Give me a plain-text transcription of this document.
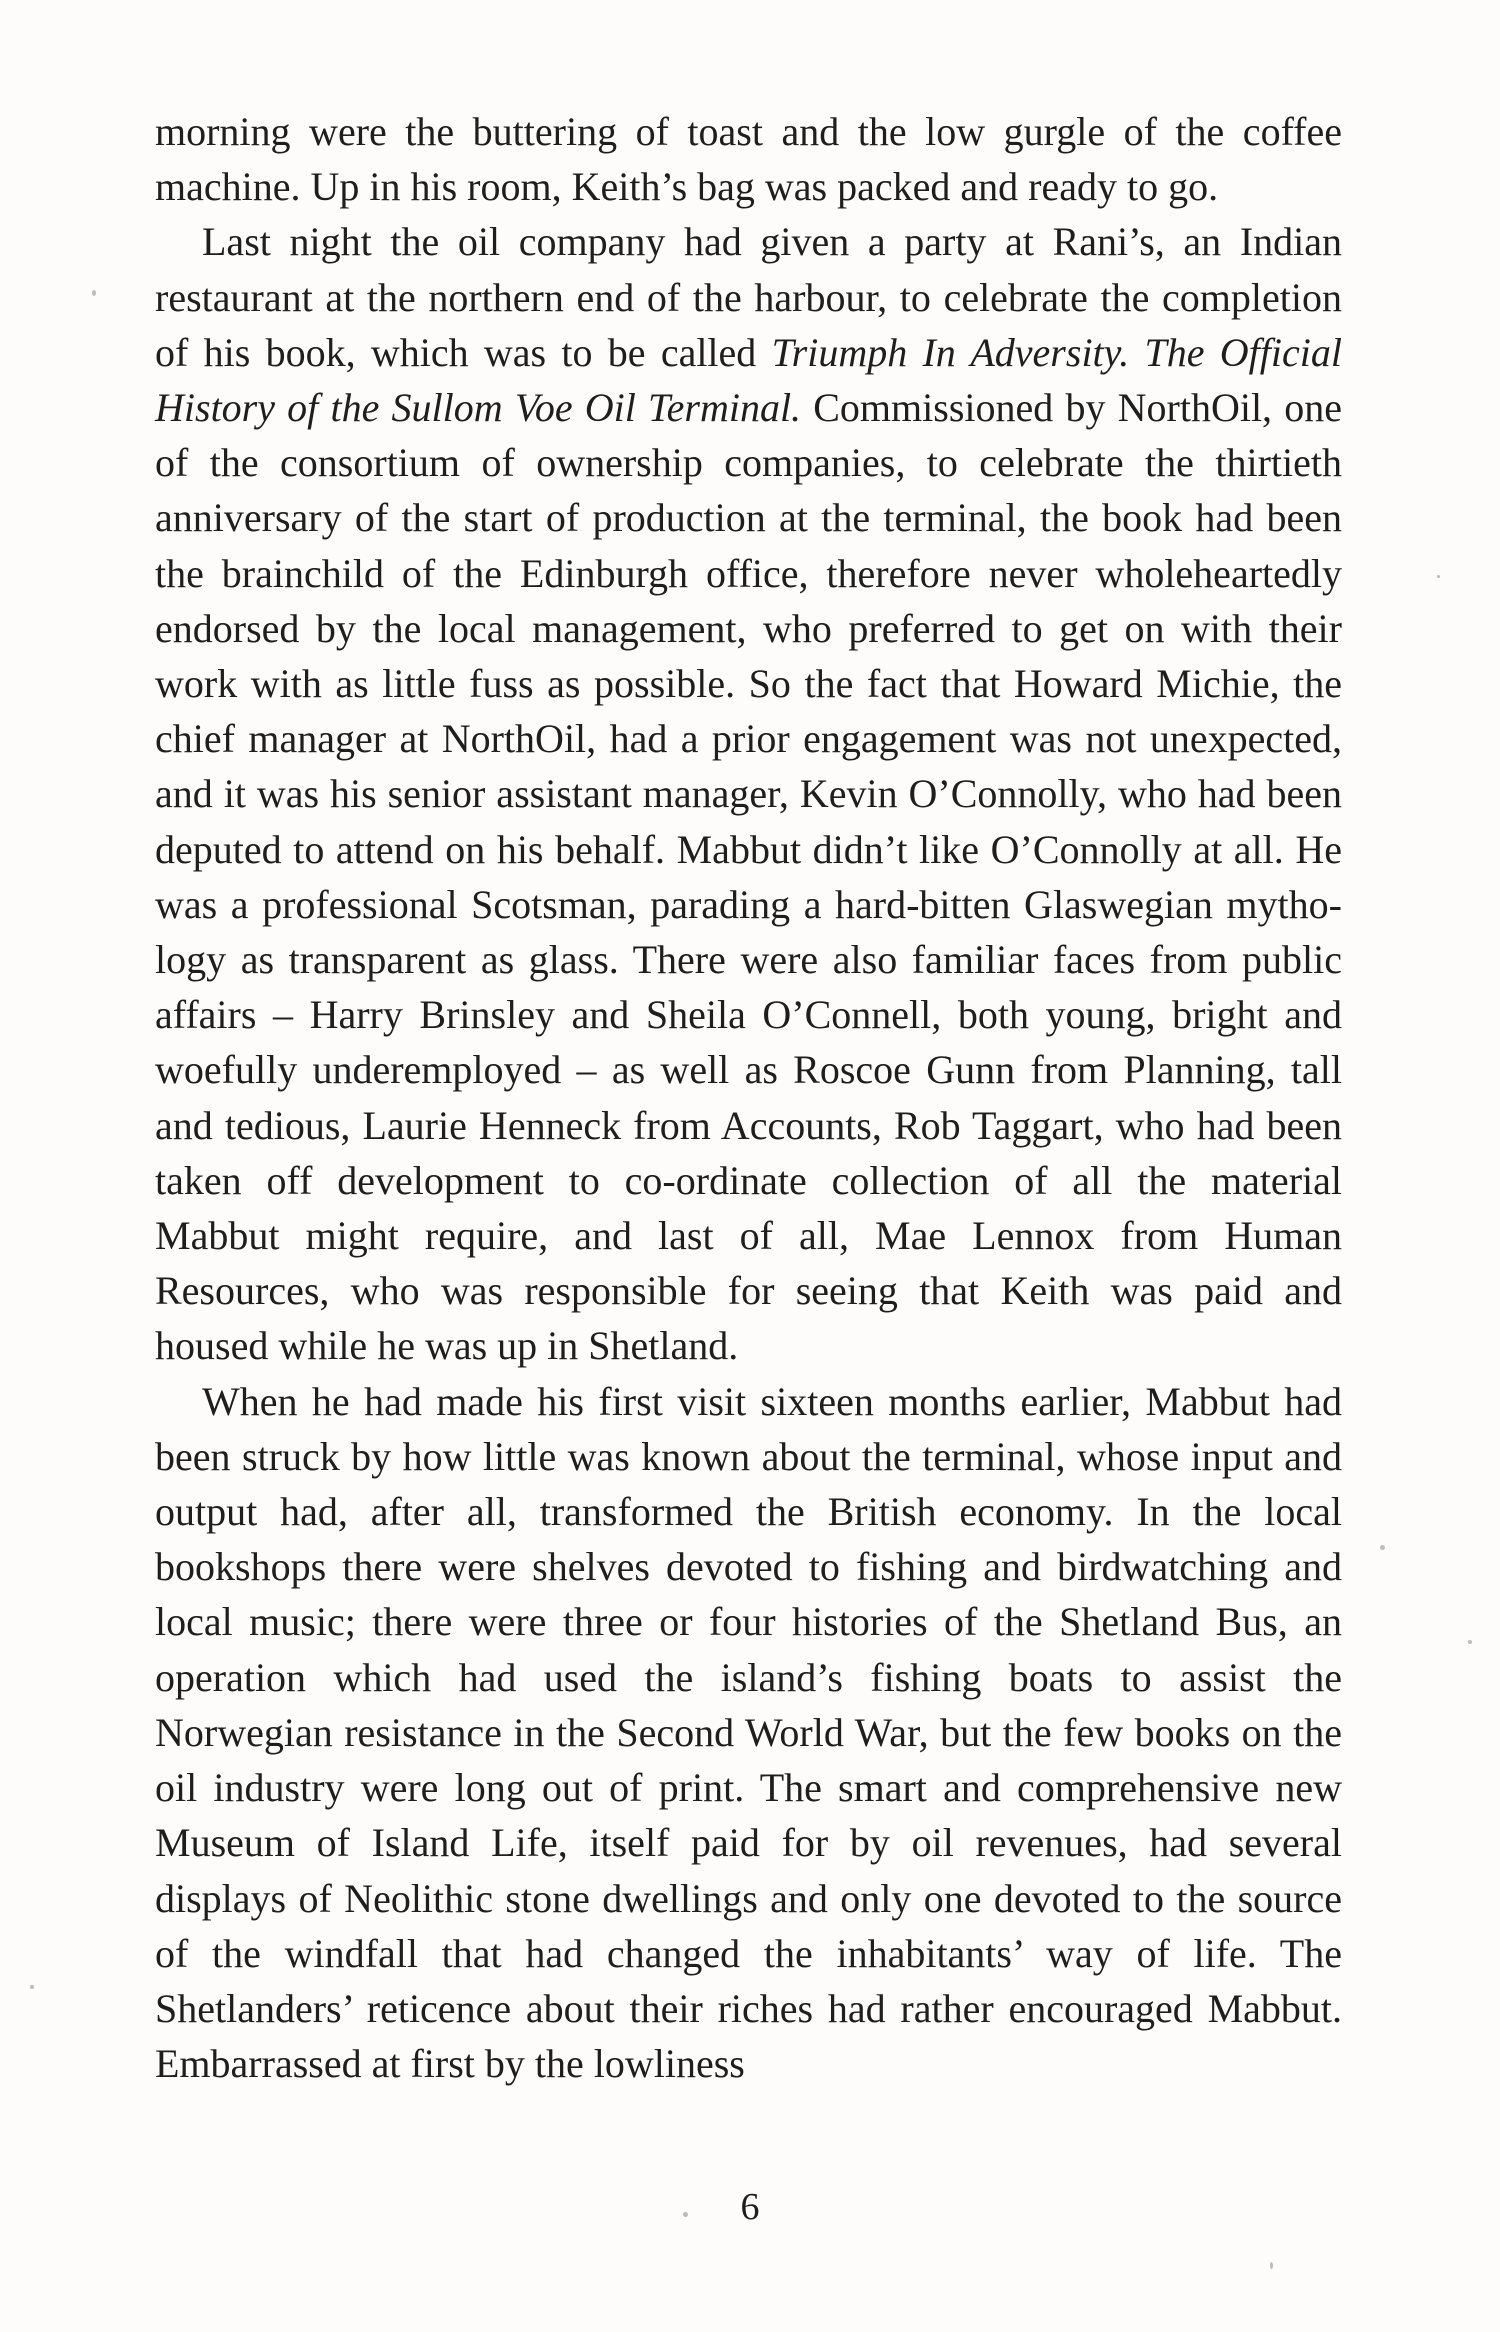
morning were the buttering of toast and the low gurgle of the coffee machine. Up in his room, Keith’s bag was packed and ready to go.

Last night the oil company had given a party at Rani’s, an Indian restaurant at the northern end of the harbour, to celebrate the completion of his book, which was to be called Triumph In Adversity. The Official History of the Sullom Voe Oil Terminal. Commissioned by NorthOil, one of the consortium of ownership companies, to celebrate the thirtieth anniversary of the start of production at the terminal, the book had been the brainchild of the Edinburgh office, therefore never wholeheartedly endorsed by the local management, who preferred to get on with their work with as little fuss as possible. So the fact that Howard Michie, the chief manager at NorthOil, had a prior engagement was not unexpected, and it was his senior assistant manager, Kevin O’Connolly, who had been deputed to attend on his behalf. Mabbut didn’t like O’Connolly at all. He was a professional Scotsman, parading a hard-bitten Glaswegian mythology as transparent as glass. There were also familiar faces from public affairs – Harry Brinsley and Sheila O’Connell, both young, bright and woefully underemployed – as well as Roscoe Gunn from Planning, tall and tedious, Laurie Henneck from Accounts, Rob Taggart, who had been taken off development to co-ordinate collection of all the material Mabbut might require, and last of all, Mae Lennox from Human Resources, who was responsible for seeing that Keith was paid and housed while he was up in Shetland.

When he had made his first visit sixteen months earlier, Mabbut had been struck by how little was known about the terminal, whose input and output had, after all, transformed the British economy. In the local bookshops there were shelves devoted to fishing and birdwatching and local music; there were three or four histories of the Shetland Bus, an operation which had used the island’s fishing boats to assist the Norwegian resistance in the Second World War, but the few books on the oil industry were long out of print. The smart and comprehensive new Museum of Island Life, itself paid for by oil revenues, had several displays of Neolithic stone dwellings and only one devoted to the source of the windfall that had changed the inhabitants’ way of life. The Shetlanders’ reticence about their riches had rather encouraged Mabbut. Embarrassed at first by the lowliness

6
